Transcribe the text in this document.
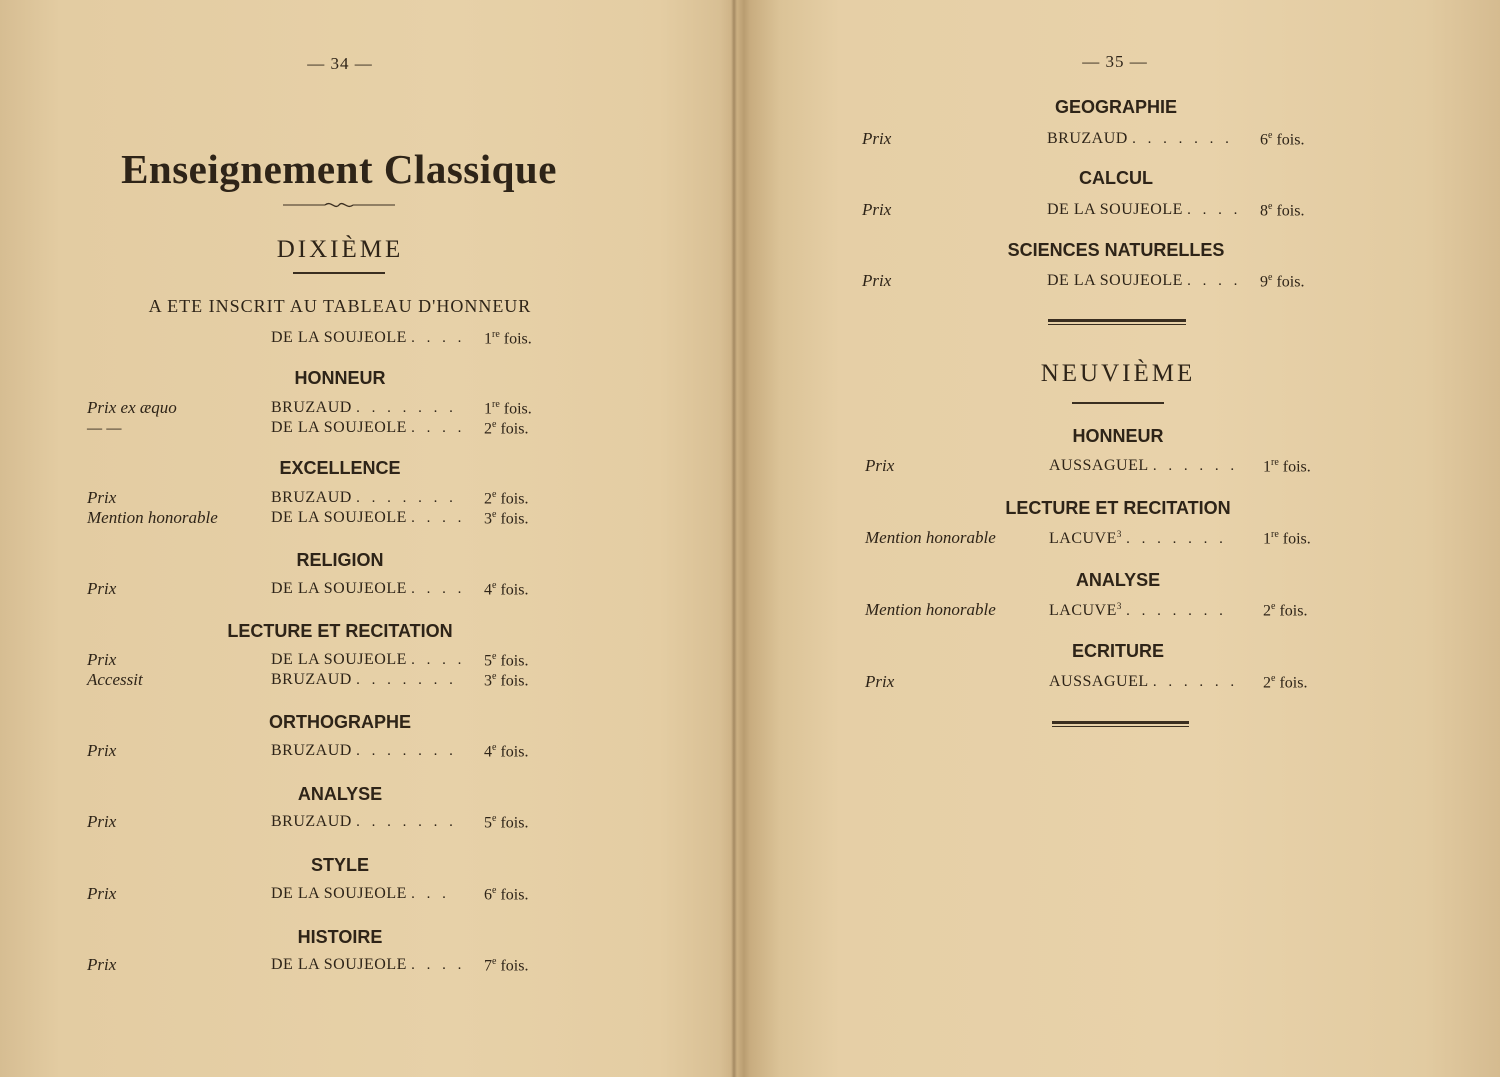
— 34 —
Enseignement Classique
DIXIÈME
A ETE INSCRIT AU TABLEAU D'HONNEUR
DE LA SOUJEOLE . . . . 1re fois.
HONNEUR
Prix ex æquo	BRUZAUD . . . . . . . 1re fois.
— —	DE LA SOUJEOLE . . . . 2e fois.
EXCELLENCE
Prix	BRUZAUD . . . . . . . 2e fois.
Mention honorable	DE LA SOUJEOLE . . . . 3e fois.
RELIGION
Prix	DE LA SOUJEOLE . . . . 4e fois.
LECTURE ET RECITATION
Prix	DE LA SOUJEOLE . . . . 5e fois.
Accessit	BRUZAUD . . . . . . . 3e fois.
ORTHOGRAPHE
Prix	BRUZAUD . . . . . . . 4e fois.
ANALYSE
Prix	BRUZAUD . . . . . . . 5e fois.
STYLE
Prix	DE LA SOUJEOLE . . . 6e fois.
HISTOIRE
Prix	DE LA SOUJEOLE . . . . 7e fois.
— 35 —
GEOGRAPHIE
Prix	BRUZAUD . . . . . . . 6e fois.
CALCUL
Prix	DE LA SOUJEOLE . . . . 8e fois.
SCIENCES NATURELLES
Prix	DE LA SOUJEOLE . . . . 9e fois.
NEUVIÈME
HONNEUR
Prix	AUSSAGUEL . . . . . . 1re fois.
LECTURE ET RECITATION
Mention honorable	LACUVE$^3$ . . . . . . . 1re fois.
ANALYSE
Mention honorable	LACUVE$^3$ . . . . . . . 2e fois.
ECRITURE
Prix	AUSSAGUEL . . . . . . 2e fois.
